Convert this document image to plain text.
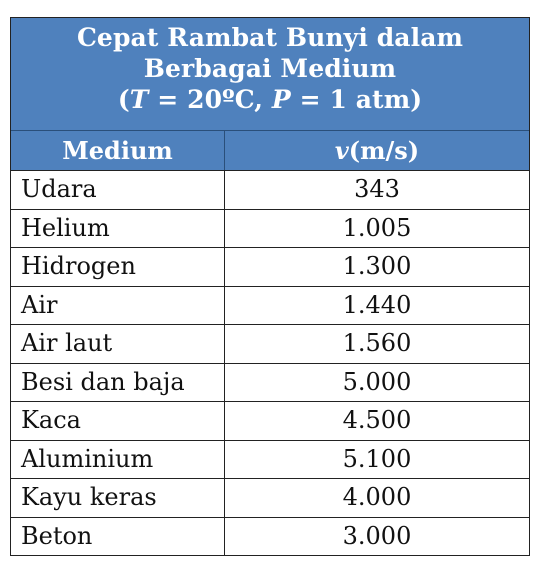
Cepat Rambat Bunyi dalam
Berbagai Medium
(T = 20ºC, P = 1 atm)
Medium	v(m/s)
Udara	343
Helium	1.005
Hidrogen	1.300
Air	1.440
Air laut	1.560
Besi dan baja	5.000
Kaca	4.500
Aluminium	5.100
Kayu keras	4.000
Beton	3.000
